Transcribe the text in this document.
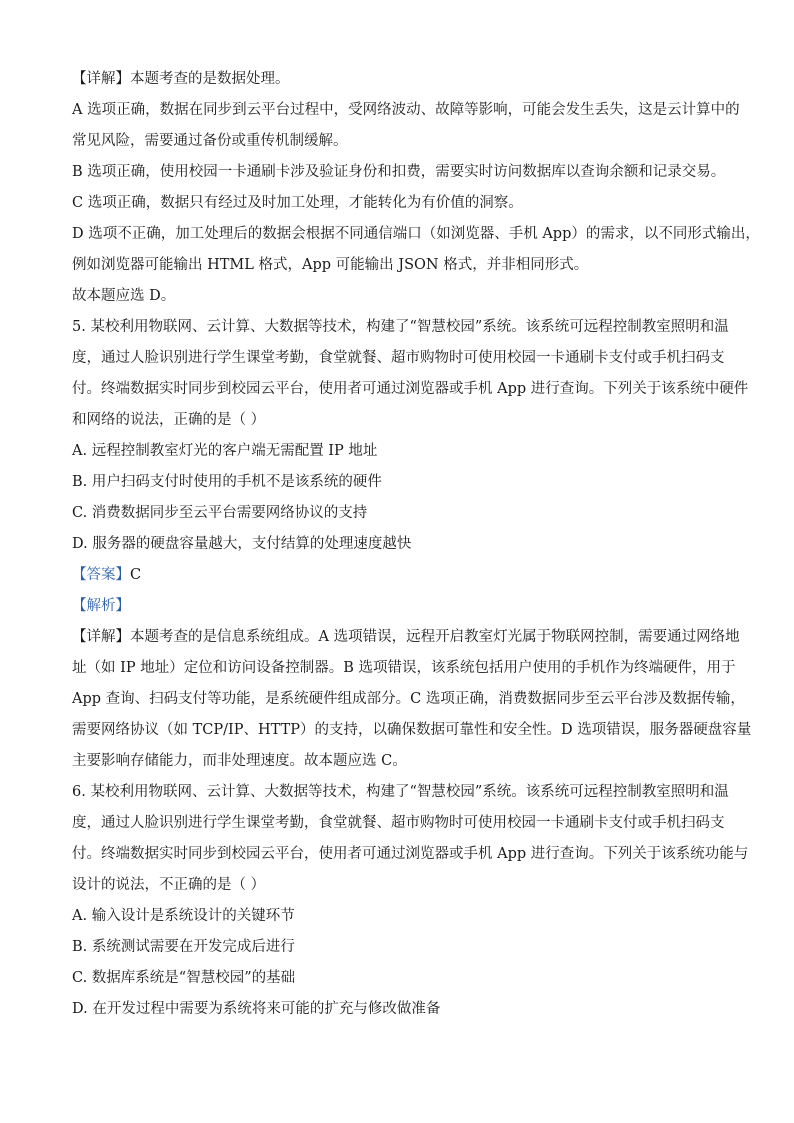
【详解】本题考查的是数据处理。
A 选项正确，数据在同步到云平台过程中，受网络波动、故障等影响，可能会发生丢失，这是云计算中的
常见风险，需要通过备份或重传机制缓解。
B 选项正确，使用校园一卡通刷卡涉及验证身份和扣费，需要实时访问数据库以查询余额和记录交易。
C 选项正确，数据只有经过及时加工处理，才能转化为有价值的洞察。
D 选项不正确，加工处理后的数据会根据不同通信端口（如浏览器、手机 App）的需求，以不同形式输出，
例如浏览器可能输出 HTML 格式，App 可能输出 JSON 格式，并非相同形式。
故本题应选 D。
5. 某校利用物联网、云计算、大数据等技术，构建了“智慧校园”系统。该系统可远程控制教室照明和温
度，通过人脸识别进行学生课堂考勤，食堂就餐、超市购物时可使用校园一卡通刷卡支付或手机扫码支
付。终端数据实时同步到校园云平台，使用者可通过浏览器或手机 App 进行查询。下列关于该系统中硬件
和网络的说法，正确的是（ ）
A. 远程控制教室灯光的客户端无需配置 IP 地址
B. 用户扫码支付时使用的手机不是该系统的硬件
C. 消费数据同步至云平台需要网络协议的支持
D. 服务器的硬盘容量越大，支付结算的处理速度越快
【答案】C
【解析】
【详解】本题考查的是信息系统组成。A 选项错误，远程开启教室灯光属于物联网控制，需要通过网络地
址（如 IP 地址）定位和访问设备控制器。B 选项错误，该系统包括用户使用的手机作为终端硬件，用于
App 查询、扫码支付等功能，是系统硬件组成部分。C 选项正确，消费数据同步至云平台涉及数据传输，
需要网络协议（如 TCP/IP、HTTP）的支持，以确保数据可靠性和安全性。D 选项错误，服务器硬盘容量
主要影响存储能力，而非处理速度。故本题应选 C。
6. 某校利用物联网、云计算、大数据等技术，构建了“智慧校园”系统。该系统可远程控制教室照明和温
度，通过人脸识别进行学生课堂考勤，食堂就餐、超市购物时可使用校园一卡通刷卡支付或手机扫码支
付。终端数据实时同步到校园云平台，使用者可通过浏览器或手机 App 进行查询。下列关于该系统功能与
设计的说法，不正确的是（ ）
A. 输入设计是系统设计的关键环节
B. 系统测试需要在开发完成后进行
C. 数据库系统是“智慧校园”的基础
D. 在开发过程中需要为系统将来可能的扩充与修改做准备
